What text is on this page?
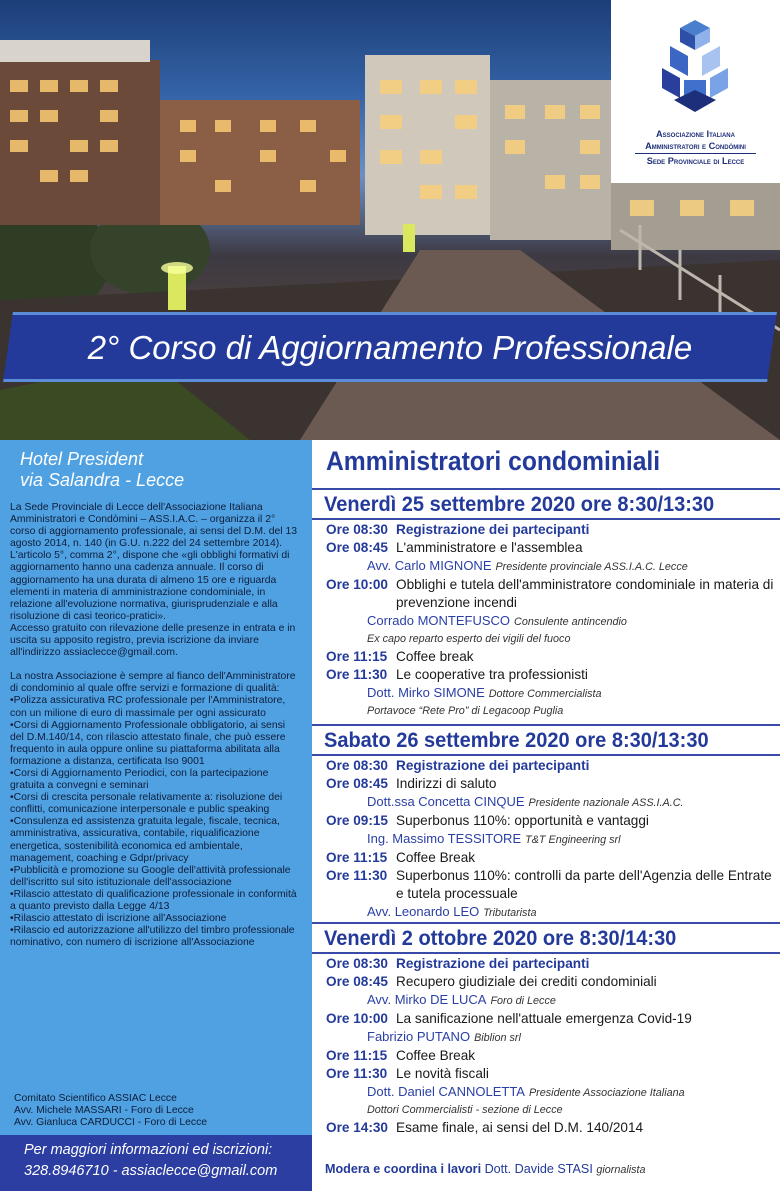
Associazione Italiana
Amministratori e Condòmini
Sede Provinciale di Lecce
2° Corso di Aggiornamento Professionale
Hotel President
via Salandra - Lecce

La Sede Provinciale di Lecce dell'Associazione Italiana Amministratori e Condòmini – ASS.I.A.C. – organizza il 2° corso di aggiornamento professionale, ai sensi del D.M. del 13 agosto 2014, n. 140 (in G.U. n.222 del 24 settembre 2014).

L'articolo 5°, comma 2°, dispone che «gli obblighi formativi di aggiornamento hanno una cadenza annuale. Il corso di aggiornamento ha una durata di almeno 15 ore e riguarda elementi in materia di amministrazione condominiale, in relazione all'evoluzione normativa, giurisprudenziale e alla risoluzione di casi teorico-pratici».

Accesso gratuito con rilevazione delle presenze in entrata e in uscita su apposito registro, previa iscrizione da inviare all'indirizzo assiaclecce@gmail.com.

La nostra Associazione è sempre al fianco dell'Amministratore di condominio al quale offre servizi e formazione di qualità:

• Polizza assicurativa RC professionale per l'Amministratore, con un milione di euro di massimale per ogni assicurato
• Corsi di Aggiornamento Professionale obbligatorio, ai sensi del D.M.140/14, con rilascio attestato finale, che può essere frequento in aula oppure online su piattaforma abilitata alla formazione a distanza, certificata Iso 9001
• Corsi di Aggiornamento Periodici, con la partecipazione gratuita a convegni e seminari
• Corsi di crescita personale relativamente a: risoluzione dei conflitti, comunicazione interpersonale e public speaking
• Consulenza ed assistenza gratuita legale, fiscale, tecnica, amministrativa, assicurativa, contabile, riqualificazione energetica, sostenibilità economica ed ambientale, management, coaching e Gdpr/privacy
• Pubblicità e promozione su Google dell'attività professionale dell'iscritto sul sito istituzionale dell'associazione
• Rilascio attestato di qualificazione professionale in conformità a quanto previsto dalla Legge 4/13
• Rilascio attestato di iscrizione all'Associazione
• Rilascio ed autorizzazione all'utilizzo del timbro professionale nominativo, con numero di iscrizione all'Associazione
Comitato Scientifico ASSIAC Lecce
Avv. Michele MASSARI - Foro di Lecce
Avv. Gianluca CARDUCCI - Foro di Lecce
Per maggiori informazioni ed iscrizioni:
328.8946710 - assiaclecce@gmail.com
Amministratori condominiali
Venerdì 25 settembre 2020 ore 8:30/13:30
Ore 08:30 Registrazione dei partecipanti
Ore 08:45 L'amministratore e l'assemblea
Avv. Carlo MIGNONE Presidente provinciale ASS.I.A.C. Lecce
Ore 10:00 Obblighi e tutela dell'amministratore condominiale in materia di prevenzione incendi
Corrado MONTEFUSCO Consulente antincendio
Ex capo reparto esperto dei vigili del fuoco
Ore 11:15 Coffee break
Ore 11:30 Le cooperative tra professionisti
Dott. Mirko SIMONE Dottore Commercialista
Portavoce “Rete Pro” di Legacoop Puglia
Sabato 26 settembre 2020 ore 8:30/13:30
Ore 08:30 Registrazione dei partecipanti
Ore 08:45 Indirizzi di saluto
Dott.ssa Concetta CINQUE Presidente nazionale ASS.I.A.C.
Ore 09:15 Superbonus 110%: opportunità e vantaggi
Ing. Massimo TESSITORE T&T Engineering srl
Ore 11:15 Coffee Break
Ore 11:30 Superbonus 110%: controlli da parte dell'Agenzia delle Entrate e tutela processuale
Avv. Leonardo LEO Tributarista
Venerdì 2 ottobre 2020 ore 8:30/14:30
Ore 08:30 Registrazione dei partecipanti
Ore 08:45 Recupero giudiziale dei crediti condominiali
Avv. Mirko DE LUCA Foro di Lecce
Ore 10:00 La sanificazione nell'attuale emergenza Covid-19
Fabrizio PUTANO Biblion srl
Ore 11:15 Coffee Break
Ore 11:30 Le novità fiscali
Dott. Daniel CANNOLETTA Presidente Associazione Italiana
Dottori Commercialisti - sezione di Lecce
Ore 14:30 Esame finale, ai sensi del D.M. 140/2014
Modera e coordina i lavori Dott. Davide STASI giornalista
